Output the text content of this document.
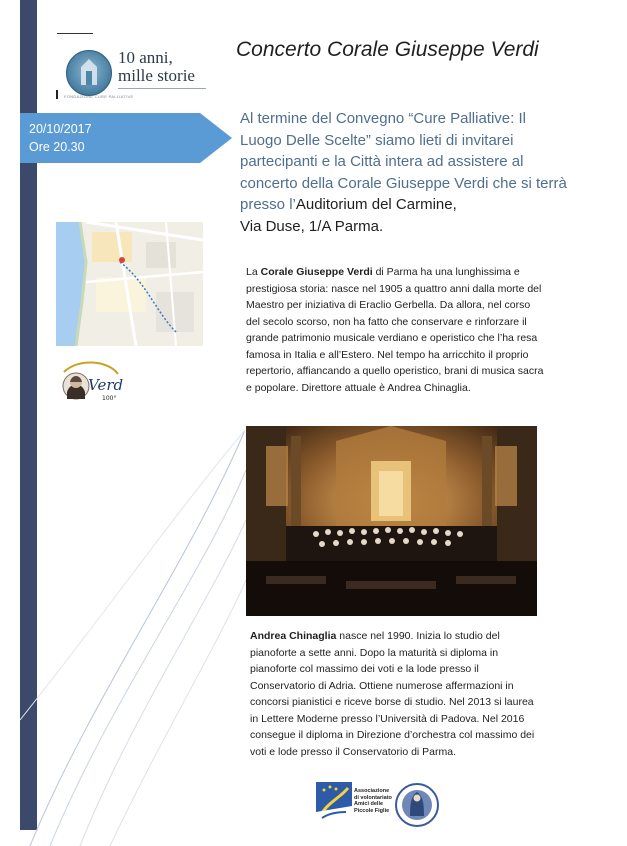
10 anni,
mille storie
FONDAZIONE CURE PALLIATIVE
Concerto Corale Giuseppe Verdi
20/10/2017
Ore 20.30
Al termine del Convegno “Cure Palliative: Il Luogo Delle Scelte” siamo lieti di invitarei partecipanti e la Città intera ad assistere al concerto della Corale Giuseppe Verdi che si terrà presso l’Auditorium del Carmine,
Via Duse, 1/A Parma.
Verdi
100°
La Corale Giuseppe Verdi di Parma ha una lunghissima e prestigiosa storia: nasce nel 1905 a quattro anni dalla morte del Maestro per iniziativa di Eraclio Gerbella. Da allora, nel corso del secolo scorso, non ha fatto che conservare e rinforzare il grande patrimonio musicale verdiano e operistico che l’ha resa famosa in Italia e all’Estero. Nel tempo ha arricchito il proprio repertorio, affiancando a quello operistico, brani di musica sacra e popolare. Direttore attuale è Andrea Chinaglia.
Andrea Chinaglia nasce nel 1990. Inizia lo studio del pianoforte a sette anni. Dopo la maturità si diploma in pianoforte col massimo dei voti e la lode presso il Conservatorio di Adria. Ottiene numerose affermazioni in concorsi pianistici e riceve borse di studio. Nel 2013 si laurea in Lettere Moderne presso l’Università di Padova. Nel 2016 consegue il diploma in Direzione d’orchestra col massimo dei voti e lode presso il Conservatorio di Parma.
Associazione di volontariato Amici delle Piccole Figlie
